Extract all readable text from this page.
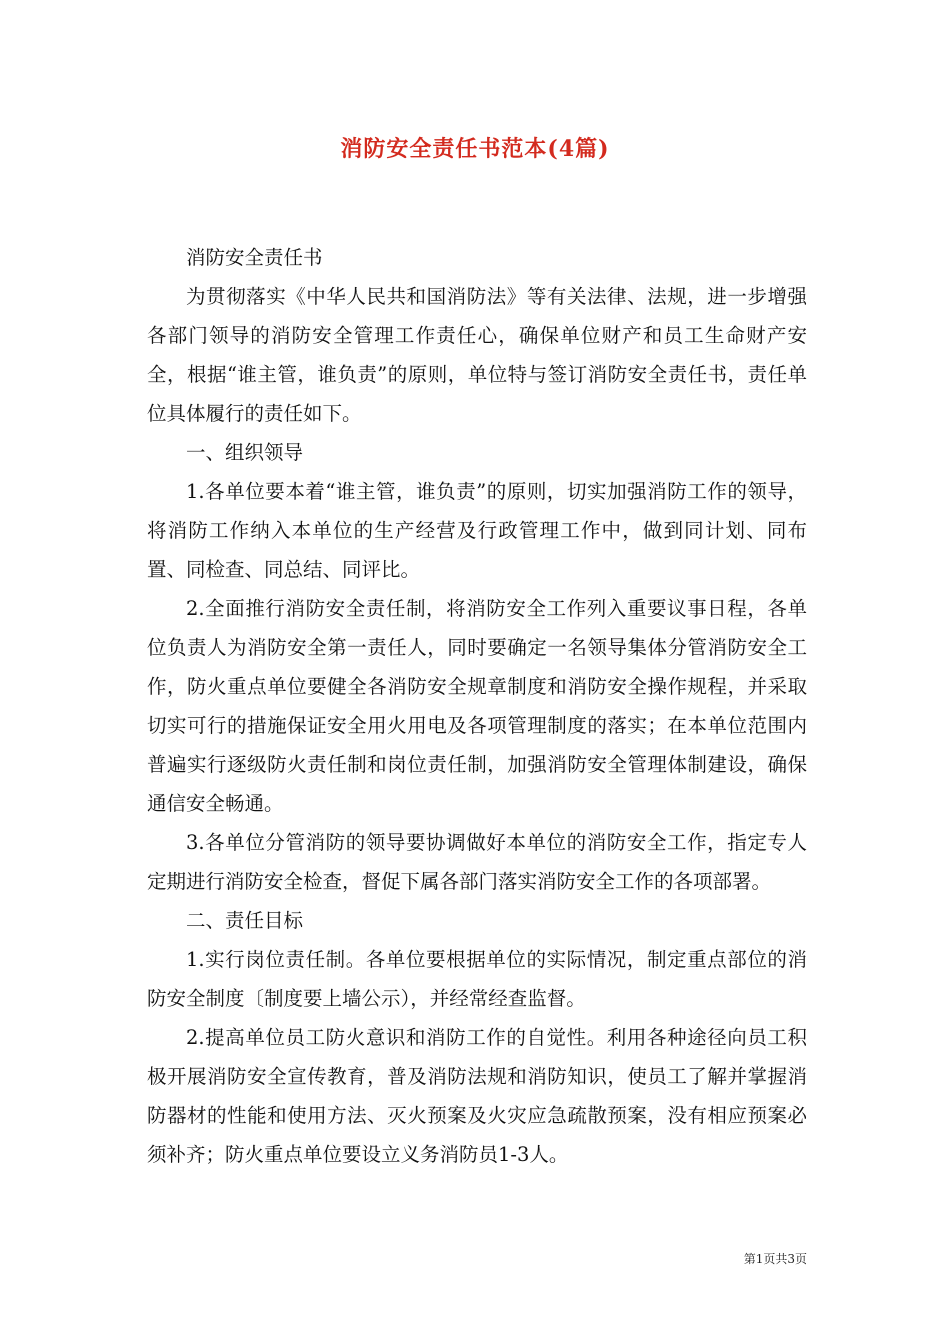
消防安全责任书范本(4篇)

消防安全责任书

为贯彻落实《中华人民共和国消防法》等有关法律、法规，进一步增强各部门领导的消防安全管理工作责任心，确保单位财产和员工生命财产安全，根据“谁主管，谁负责”的原则，单位特与签订消防安全责任书，责任单位具体履行的责任如下。

一、组织领导

1.各单位要本着“谁主管，谁负责”的原则，切实加强消防工作的领导，将消防工作纳入本单位的生产经营及行政管理工作中，做到同计划、同布置、同检查、同总结、同评比。

2.全面推行消防安全责任制，将消防安全工作列入重要议事日程，各单位负责人为消防安全第一责任人，同时要确定一名领导集体分管消防安全工作，防火重点单位要健全各消防安全规章制度和消防安全操作规程，并采取切实可行的措施保证安全用火用电及各项管理制度的落实；在本单位范围内普遍实行逐级防火责任制和岗位责任制，加强消防安全管理体制建设，确保通信安全畅通。

3.各单位分管消防的领导要协调做好本单位的消防安全工作，指定专人定期进行消防安全检查，督促下属各部门落实消防安全工作的各项部署。

二、责任目标

1.实行岗位责任制。各单位要根据单位的实际情况，制定重点部位的消防安全制度〔制度要上墙公示），并经常经查监督。

2.提高单位员工防火意识和消防工作的自觉性。利用各种途径向员工积极开展消防安全宣传教育，普及消防法规和消防知识，使员工了解并掌握消防器材的性能和使用方法、灭火预案及火灾应急疏散预案，没有相应预案必须补齐；防火重点单位要设立义务消防员1-3人。

第1页共3页
